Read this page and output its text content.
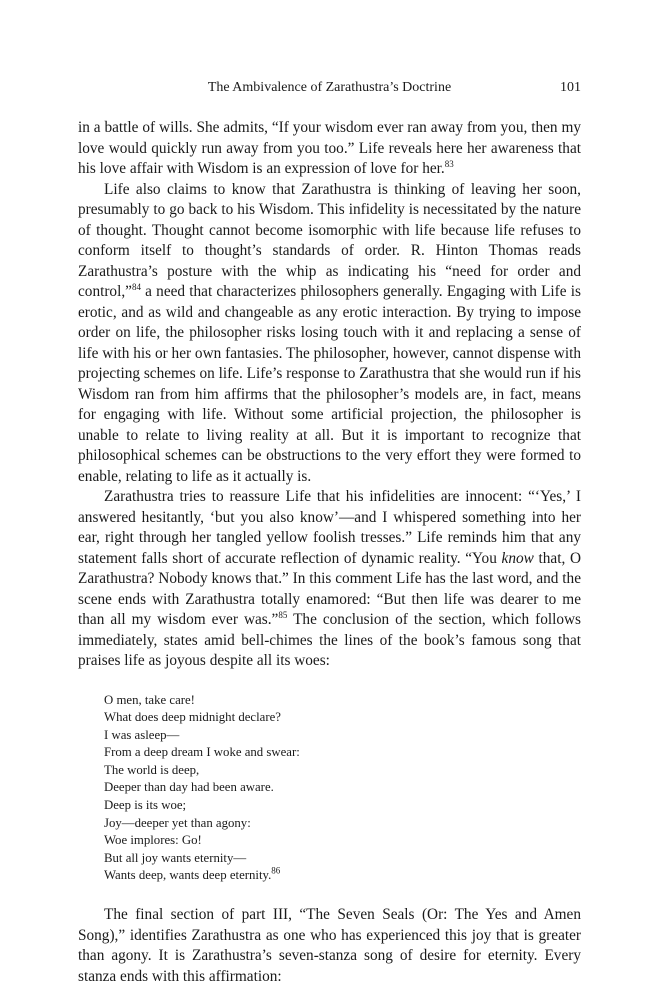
The Ambivalence of Zarathustra’s Doctrine	101

in a battle of wills. She admits, “If your wisdom ever ran away from you, then my love would quickly run away from you too.” Life reveals here her awareness that his love affair with Wisdom is an expression of love for her.$^{83}$

Life also claims to know that Zarathustra is thinking of leaving her soon, presumably to go back to his Wisdom. This infidelity is necessitated by the nature of thought. Thought cannot become isomorphic with life because life refuses to conform itself to thought’s standards of order. R. Hinton Thomas reads Zarathustra’s posture with the whip as indicating his “need for order and control,”$^{84}$ a need that characterizes philosophers generally. Engaging with Life is erotic, and as wild and changeable as any erotic interaction. By trying to impose order on life, the philosopher risks losing touch with it and replacing a sense of life with his or her own fantasies. The philosopher, however, cannot dispense with projecting schemes on life. Life’s response to Zarathustra that she would run if his Wisdom ran from him affirms that the philosopher’s models are, in fact, means for engaging with life. Without some artificial projection, the philosopher is unable to relate to living reality at all. But it is important to recognize that philosophical schemes can be obstructions to the very effort they were formed to enable, relating to life as it actually is.

Zarathustra tries to reassure Life that his infidelities are innocent: “‘Yes,’ I answered hesitantly, ‘but you also know’—and I whispered something into her ear, right through her tangled yellow foolish tresses.” Life reminds him that any statement falls short of accurate reflection of dynamic reality. “You know that, O Zarathustra? Nobody knows that.” In this comment Life has the last word, and the scene ends with Zarathustra totally enamored: “But then life was dearer to me than all my wisdom ever was.”$^{85}$ The conclusion of the section, which follows immediately, states amid bell-chimes the lines of the book’s famous song that praises life as joyous despite all its woes:

O men, take care!
What does deep midnight declare?
I was asleep—
From a deep dream I woke and swear:
The world is deep,
Deeper than day had been aware.
Deep is its woe;
Joy—deeper yet than agony:
Woe implores: Go!
But all joy wants eternity—
Wants deep, wants deep eternity.$^{86}$

The final section of part III, “The Seven Seals (Or: The Yes and Amen Song),” identifies Zarathustra as one who has experienced this joy that is greater than agony. It is Zarathustra’s seven-stanza song of desire for eternity. Every stanza ends with this affirmation:
